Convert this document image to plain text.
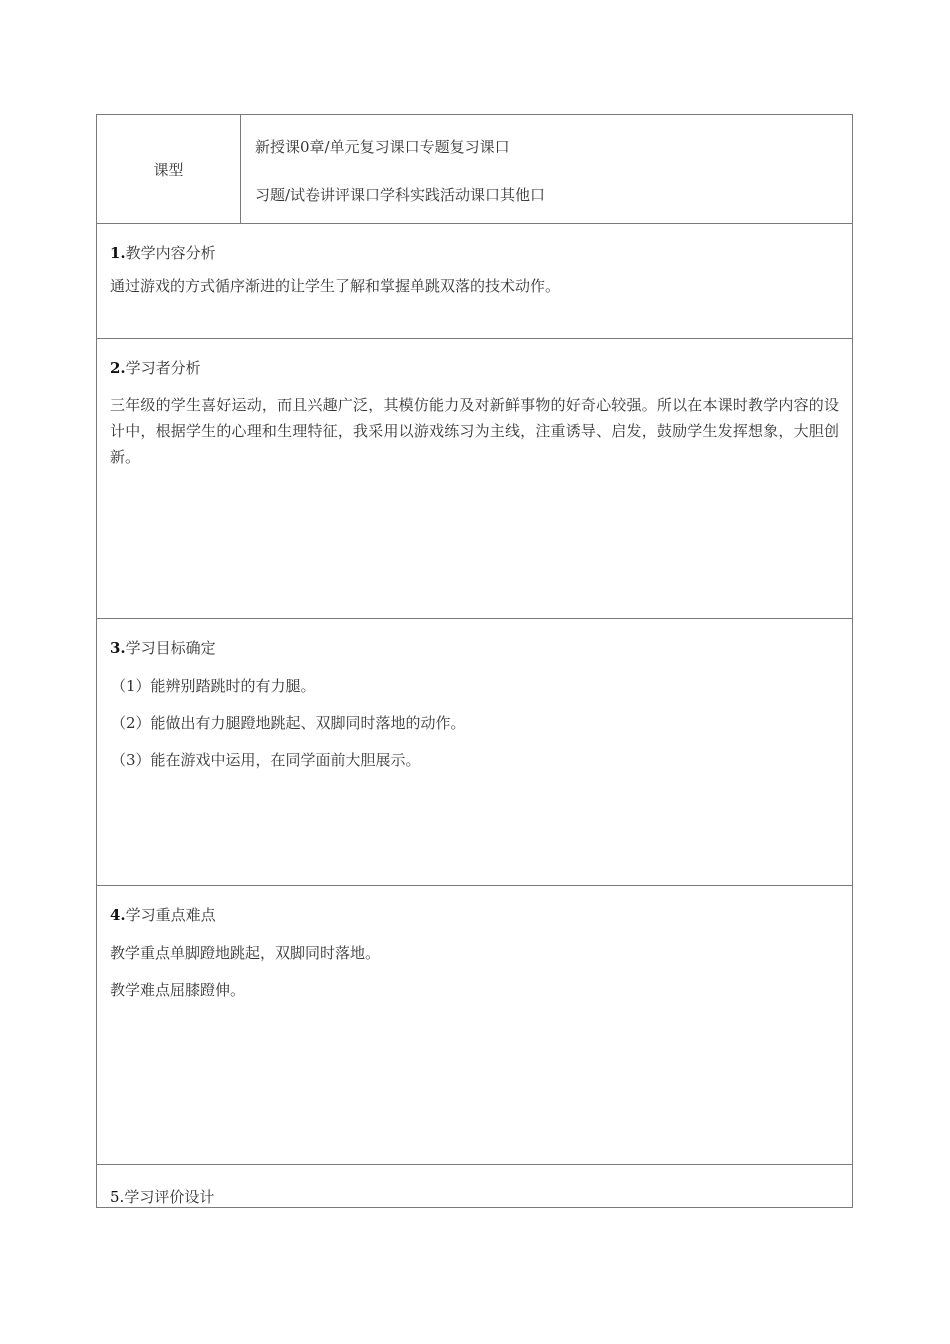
课型	
新授课0章/单元复习课口专题复习课口
习题/试卷讲评课口学科实践活动课口其他口

1.教学内容分析
通过游戏的方式循序渐进的让学生了解和掌握单跳双落的技术动作。

2.学习者分析
三年级的学生喜好运动，而且兴趣广泛，其模仿能力及对新鲜事物的好奇心较强。所以在本课时教学内容的设计中，根据学生的心理和生理特征，我采用以游戏练习为主线，注重诱导、启发，鼓励学生发挥想象，大胆创新。

3.学习目标确定
（1）能辨别踏跳时的有力腿。
（2）能做出有力腿蹬地跳起、双脚同时落地的动作。
（3）能在游戏中运用，在同学面前大胆展示。

4.学习重点难点
教学重点单脚蹬地跳起，双脚同时落地。
教学难点屈膝蹬伸。

5.学习评价设计
